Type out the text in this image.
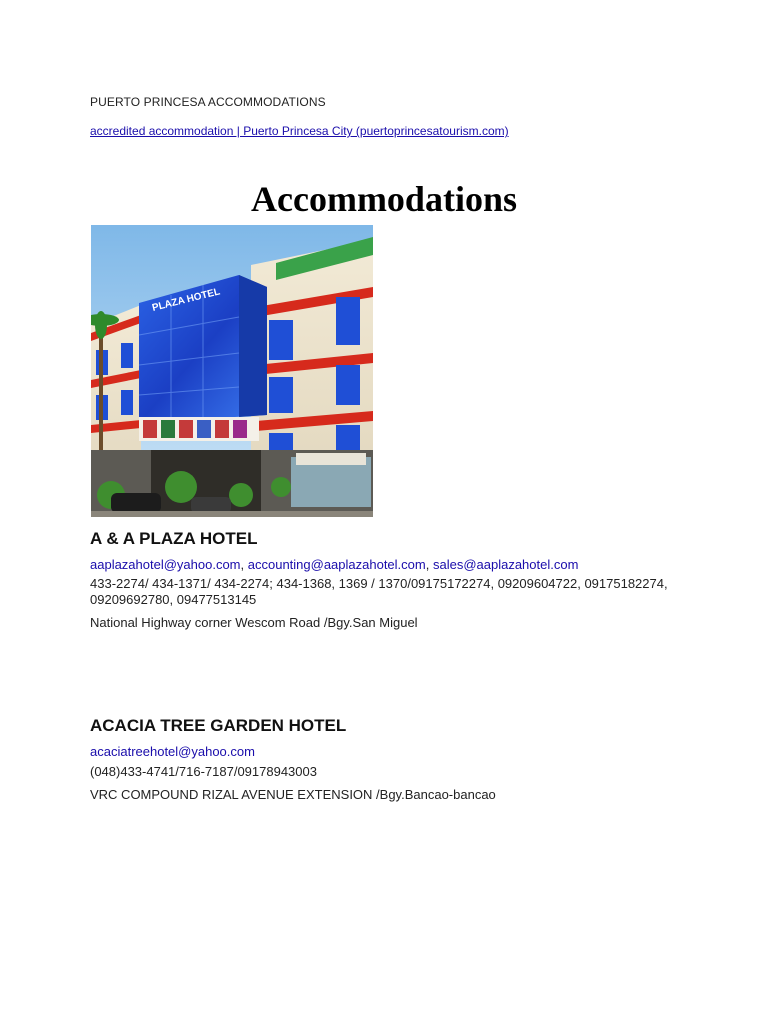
PUERTO PRINCESA ACCOMMODATIONS
accredited accommodation | Puerto Princesa City (puertoprincesatourism.com)
Accommodations
PLAZA HOTEL
A & A PLAZA HOTEL
aaplazahotel@yahoo.com, accounting@aaplazahotel.com, sales@aaplazahotel.com
433-2274/ 434-1371/ 434-2274; 434-1368, 1369 / 1370/09175172274, 09209604722, 09175182274, 09209692780, 09477513145
National Highway corner Wescom Road /Bgy.San Miguel
ACACIA TREE GARDEN HOTEL
acaciatreehotel@yahoo.com
(048)433-4741/716-7187/09178943003
VRC COMPOUND RIZAL AVENUE EXTENSION /Bgy.Bancao-bancao
